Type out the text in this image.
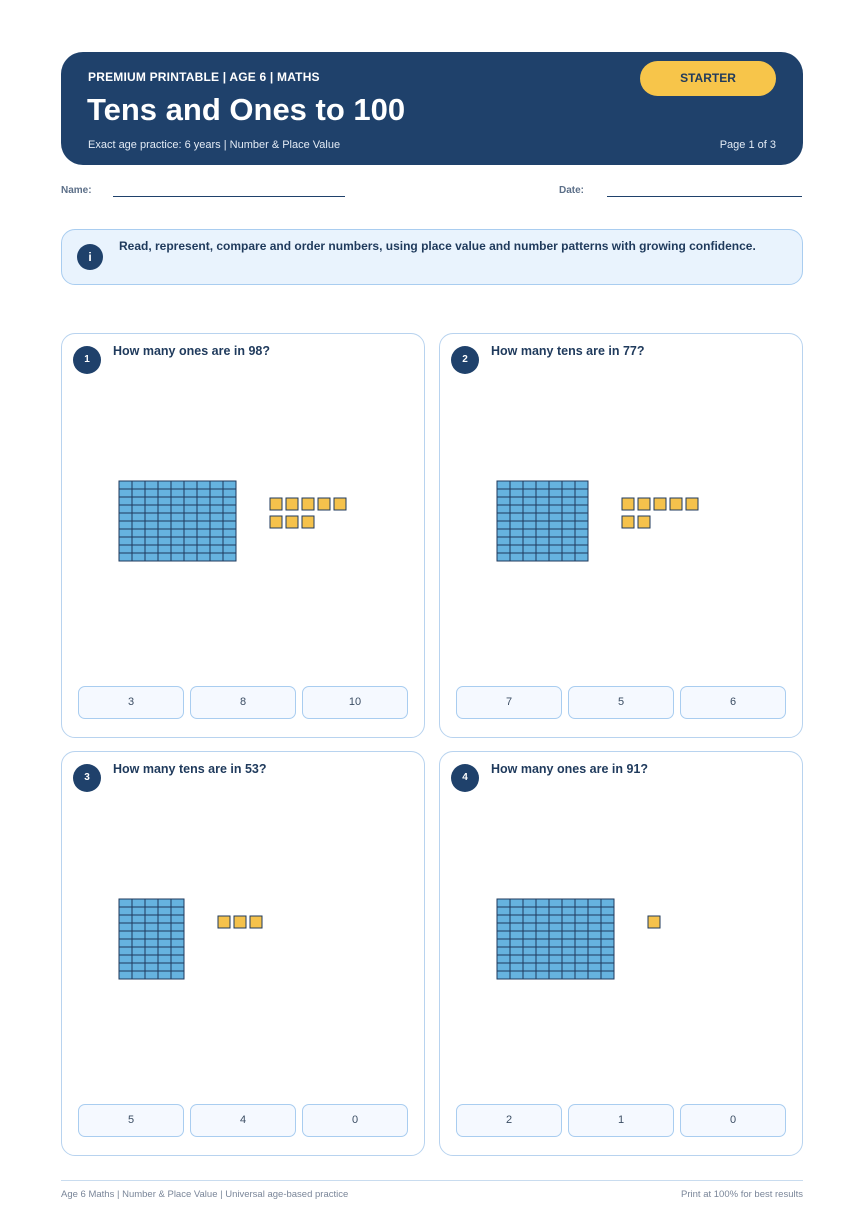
PREMIUM PRINTABLE | AGE 6 | MATHS
Tens and Ones to 100
Exact age practice: 6 years | Number & Place Value	Page 1 of 3
STARTER
Name:	Date:
i
Read, represent, compare and order numbers, using place value and number patterns with growing confidence.
1
How many ones are in 98?
3	8	10
2
How many tens are in 77?
7	5	6
3
How many tens are in 53?
5	4	0
4
How many ones are in 91?
2	1	0
Age 6 Maths | Number & Place Value | Universal age-based practice	Print at 100% for best results
